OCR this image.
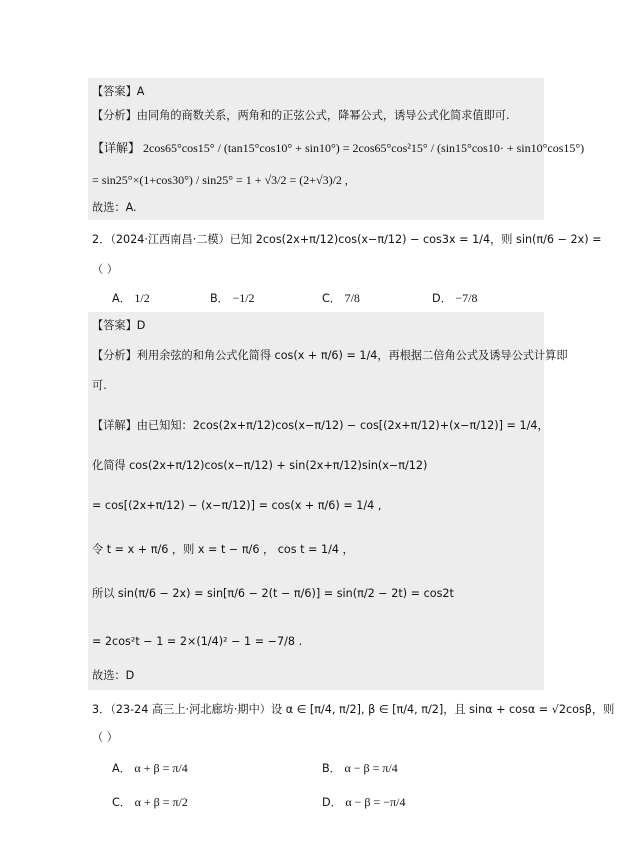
【答案】A
【分析】由同角的商数关系，两角和的正弦公式，降幂公式，诱导公式化简求值即可.
【详解】 2cos65°cos15° / (tan15°cos10° + sin10°) = 2cos65°cos²15° / (sin15°cos10· + sin10°cos15°)
= sin25°×(1+cos30°) / sin25° = 1 + √3/2 = (2+√3)/2 ,
故选：A.
2．（2024·江西南昌·二模）已知 2cos(2x+π/12)cos(x−π/12) − cos3x = 1/4，则 sin(π/6 − 2x) =
（ ）
A． 1/2	B． −1/2	C． 7/8	D． −7/8
【答案】D
【分析】利用余弦的和角公式化简得 cos(x + π/6) = 1/4，再根据二倍角公式及诱导公式计算即
可.
【详解】由已知知：2cos(2x+π/12)cos(x−π/12) − cos[(2x+π/12)+(x−π/12)] = 1/4，
化简得 cos(2x+π/12)cos(x−π/12) + sin(2x+π/12)sin(x−π/12)
= cos[(2x+π/12) − (x−π/12)] = cos(x + π/6) = 1/4 ,
令 t = x + π/6 ，则 x = t − π/6 ， cos t = 1/4 ，
所以 sin(π/6 − 2x) = sin[π/6 − 2(t − π/6)] = sin(π/2 − 2t) = cos2t
= 2cos²t − 1 = 2×(1/4)² − 1 = −7/8 .
故选：D
3．（23-24 高三上·河北廊坊·期中）设 α ∈ [π/4, π/2], β ∈ [π/4, π/2]，且 sinα + cosα = √2cosβ，则
（ ）
A． α + β = π/4	B． α − β = π/4
C． α + β = π/2	D． α − β = −π/4
